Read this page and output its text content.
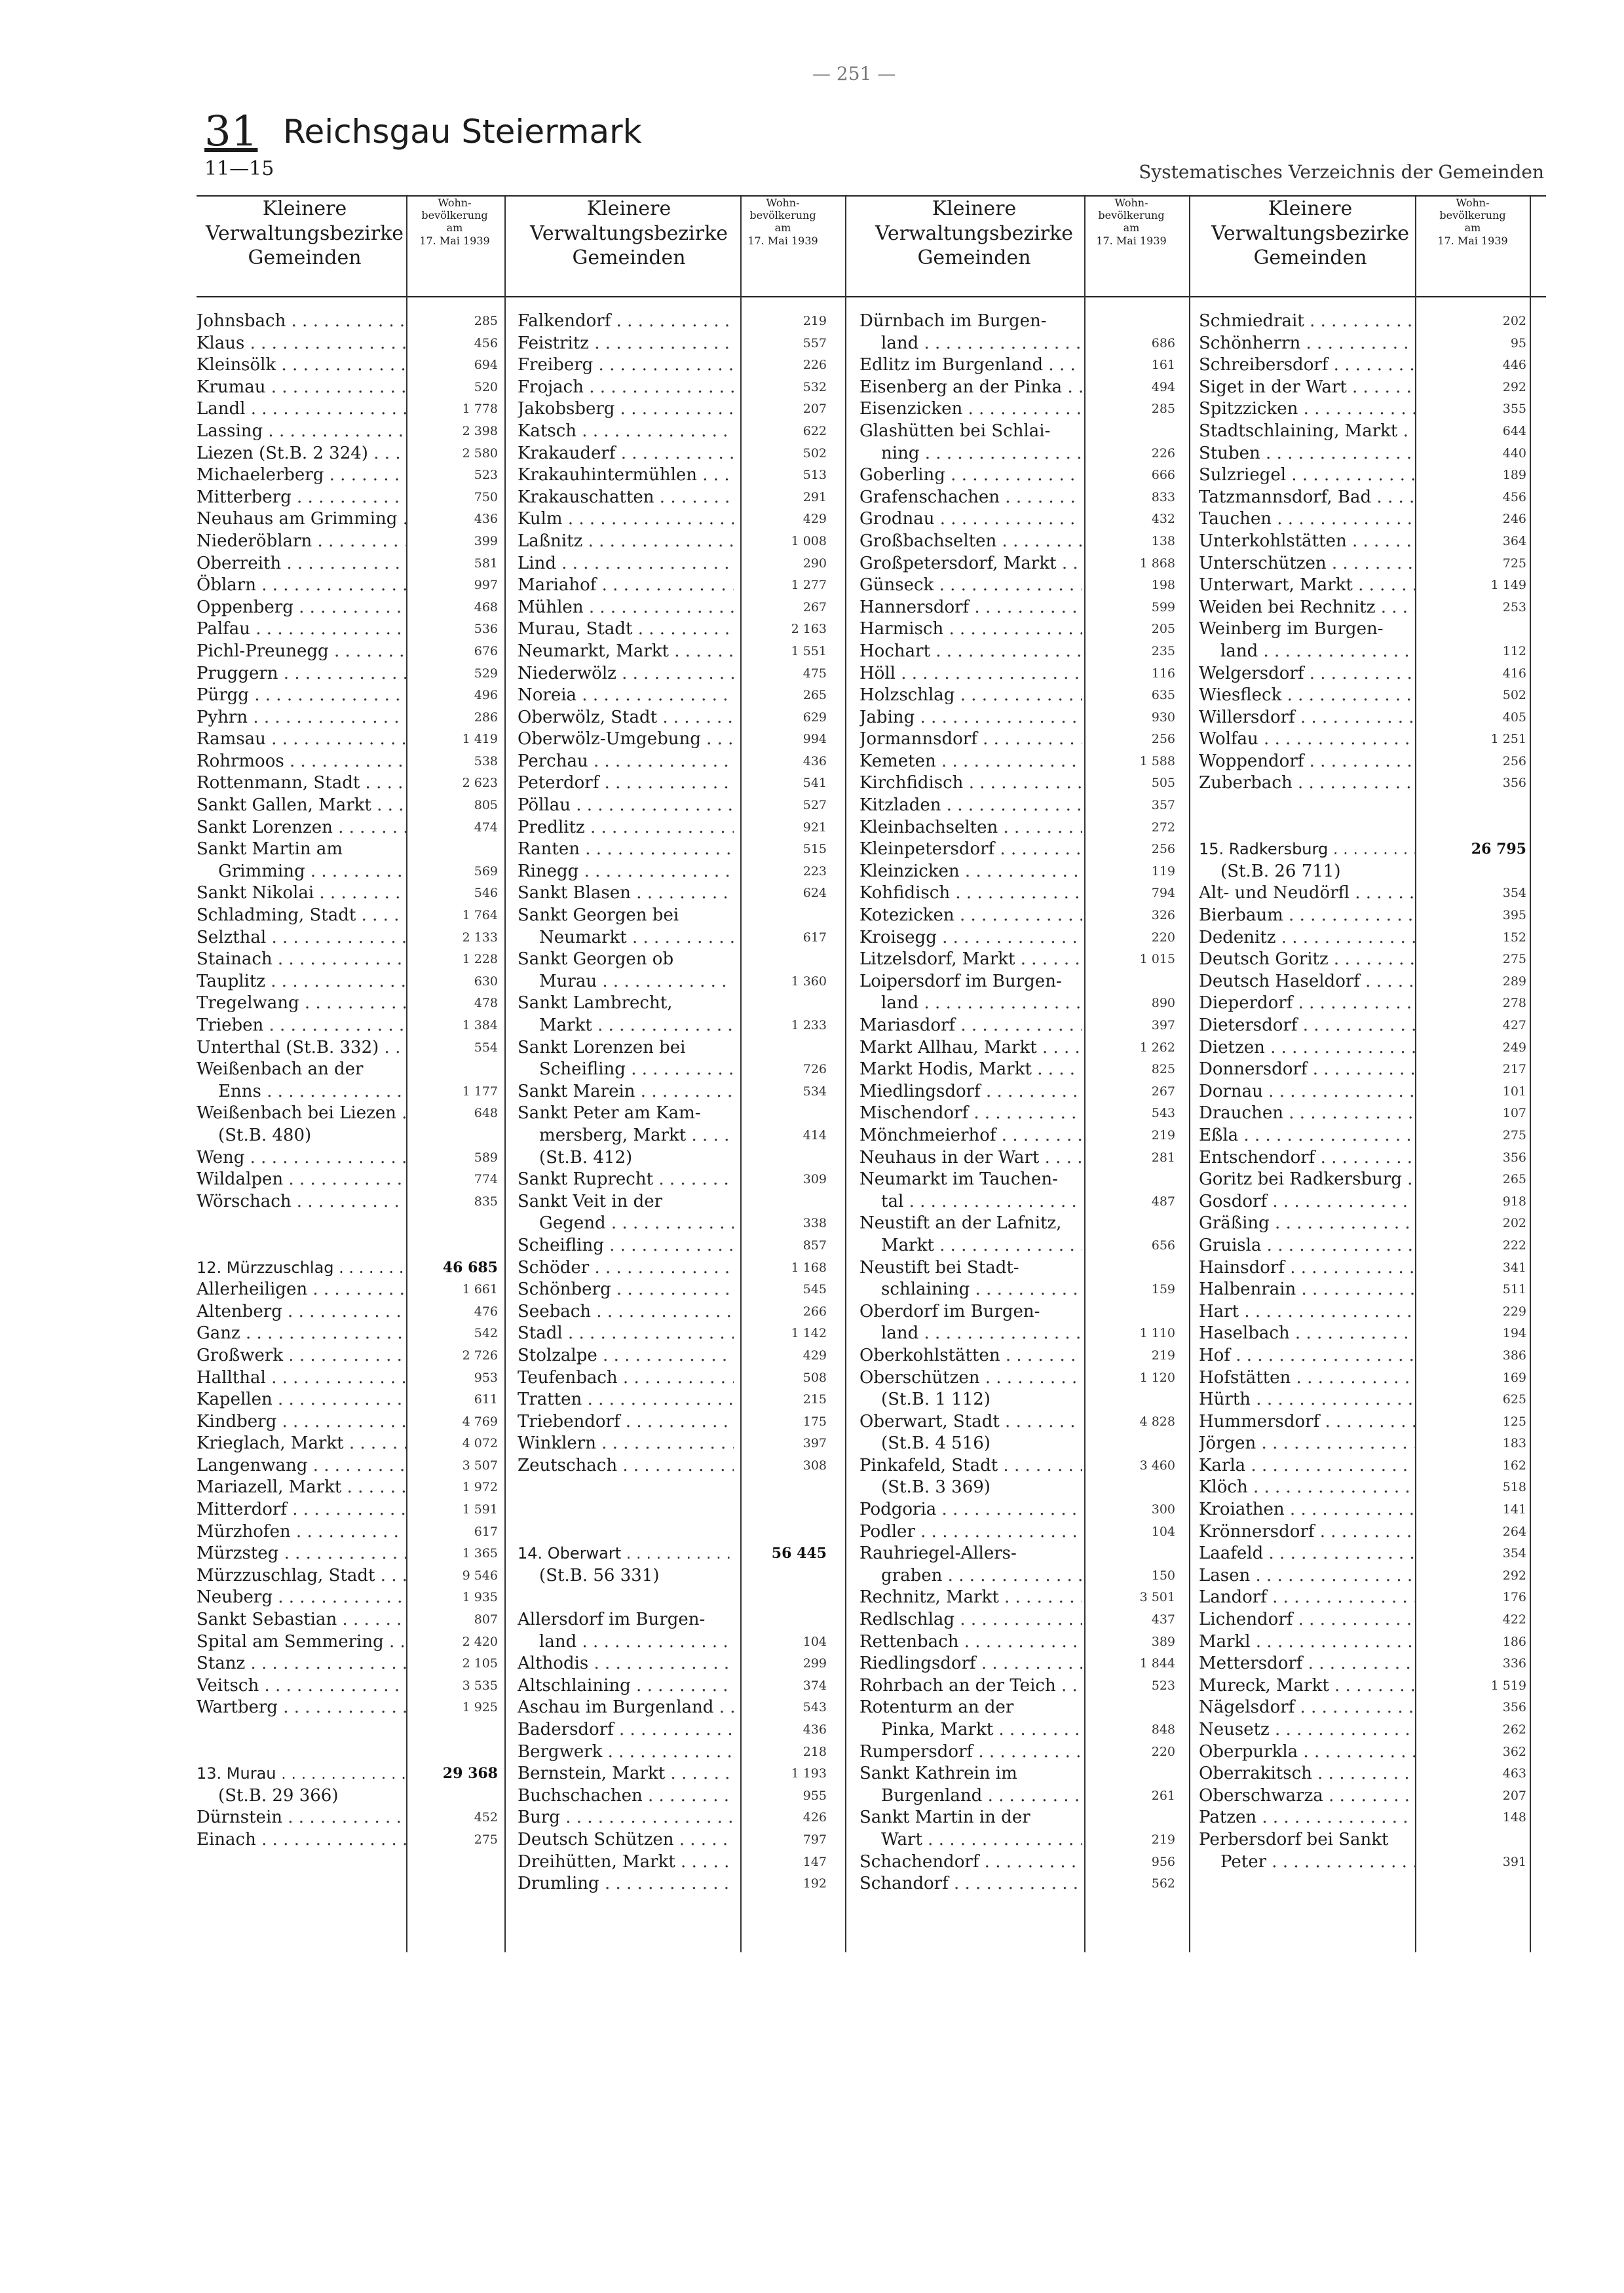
— 251 —
31 Reichsgau Steiermark
11—15	Systematisches Verzeichnis der Gemeinden
Kleinere
Verwaltungsbezirke
Gemeinden
Wohn-
bevölkerung
am
17. Mai 1939
Kleinere
Verwaltungsbezirke
Gemeinden
Wohn-
bevölkerung
am
17. Mai 1939
Kleinere
Verwaltungsbezirke
Gemeinden
Wohn-
bevölkerung
am
17. Mai 1939
Kleinere
Verwaltungsbezirke
Gemeinden
Wohn-
bevölkerung
am
17. Mai 1939
Johnsbach . . .	285
Klaus . . .	456
Kleinsölk . . .	694
Krumau . . .	520
Landl . . .	1 778
Lassing . . .	2 398
Liezen (St.B. 2 324) . . .	2 580
Michaelerberg . . .	523
Mitterberg . . .	750
Neuhaus am Grimming . . .	436
Niederöblarn . . .	399
Oberreith . . .	581
Öblarn . . .	997
Oppenberg . . .	468
Palfau . . .	536
Pichl-Preunegg . . .	676
Pruggern . . .	529
Pürgg . . .	496
Pyhrn . . .	286
Ramsau . . .	1 419
Rohrmoos . . .	538
Rottenmann, Stadt . . .	2 623
Sankt Gallen, Markt . . .	805
Sankt Lorenzen . . .	474
Sankt Martin am
Grimming . . .	569
Sankt Nikolai . . .	546
Schladming, Stadt . . .	1 764
Selzthal . . .	2 133
Stainach . . .	1 228
Tauplitz . . .	630
Tregelwang . . .	478
Trieben . . .	1 384
Unterthal (St.B. 332) . . .	554
Weißenbach an der
Enns . . .	1 177
Weißenbach bei Liezen . . .	648
(St.B. 480)
Weng . . .	589
Wildalpen . . .	774
Wörschach . . .	835
12. Mürzzuschlag . . .	46 685
Allerheiligen . . .	1 661
Altenberg . . .	476
Ganz . . .	542
Großwerk . . .	2 726
Hallthal . . .	953
Kapellen . . .	611
Kindberg . . .	4 769
Krieglach, Markt . . .	4 072
Langenwang . . .	3 507
Mariazell, Markt . . .	1 972
Mitterdorf . . .	1 591
Mürzhofen . . .	617
Mürzsteg . . .	1 365
Mürzzuschlag, Stadt . . .	9 546
Neuberg . . .	1 935
Sankt Sebastian . . .	807
Spital am Semmering . . .	2 420
Stanz . . .	2 105
Veitsch . . .	3 535
Wartberg . . .	1 925
13. Murau . . .	29 368
(St.B. 29 366)
Dürnstein . . .	452
Einach . . .	275
Falkendorf . . .	219
Feistritz . . .	557
Freiberg . . .	226
Frojach . . .	532
Jakobsberg . . .	207
Katsch . . .	622
Krakauderf . . .	502
Krakauhintermühlen . . .	513
Krakauschatten . . .	291
Kulm . . .	429
Laßnitz . . .	1 008
Lind . . .	290
Mariahof . . .	1 277
Mühlen . . .	267
Murau, Stadt . . .	2 163
Neumarkt, Markt . . .	1 551
Niederwölz . . .	475
Noreia . . .	265
Oberwölz, Stadt . . .	629
Oberwölz-Umgebung . . .	994
Perchau . . .	436
Peterdorf . . .	541
Pöllau . . .	527
Predlitz . . .	921
Ranten . . .	515
Rinegg . . .	223
Sankt Blasen . . .	624
Sankt Georgen bei
Neumarkt . . .	617
Sankt Georgen ob
Murau . . .	1 360
Sankt Lambrecht,
Markt . . .	1 233
Sankt Lorenzen bei
Scheifling . . .	726
Sankt Marein . . .	534
Sankt Peter am Kam-
mersberg, Markt . . .	414
(St.B. 412)
Sankt Ruprecht . . .	309
Sankt Veit in der
Gegend . . .	338
Scheifling . . .	857
Schöder . . .	1 168
Schönberg . . .	545
Seebach . . .	266
Stadl . . .	1 142
Stolzalpe . . .	429
Teufenbach . . .	508
Tratten . . .	215
Triebendorf . . .	175
Winklern . . .	397
Zeutschach . . .	308
14. Oberwart . . .	56 445
(St.B. 56 331)
Allersdorf im Burgen-
land . . .	104
Althodis . . .	299
Altschlaining . . .	374
Aschau im Burgenland . . .	543
Badersdorf . . .	436
Bergwerk . . .	218
Bernstein, Markt . . .	1 193
Buchschachen . . .	955
Burg . . .	426
Deutsch Schützen . . .	797
Dreihütten, Markt . . .	147
Drumling . . .	192
Dürnbach im Burgen-
land . . .	686
Edlitz im Burgenland . . .	161
Eisenberg an der Pinka . . .	494
Eisenzicken . . .	285
Glashütten bei Schlai-
ning . . .	226
Goberling . . .	666
Grafenschachen . . .	833
Grodnau . . .	432
Großbachselten . . .	138
Großpetersdorf, Markt . . .	1 868
Günseck . . .	198
Hannersdorf . . .	599
Harmisch . . .	205
Hochart . . .	235
Höll . . .	116
Holzschlag . . .	635
Jabing . . .	930
Jormannsdorf . . .	256
Kemeten . . .	1 588
Kirchfidisch . . .	505
Kitzladen . . .	357
Kleinbachselten . . .	272
Kleinpetersdorf . . .	256
Kleinzicken . . .	119
Kohfidisch . . .	794
Kotezicken . . .	326
Kroisegg . . .	220
Litzelsdorf, Markt . . .	1 015
Loipersdorf im Burgen-
land . . .	890
Mariasdorf . . .	397
Markt Allhau, Markt . . .	1 262
Markt Hodis, Markt . . .	825
Miedlingsdorf . . .	267
Mischendorf . . .	543
Mönchmeierhof . . .	219
Neuhaus in der Wart . . .	281
Neumarkt im Tauchen-
tal . . .	487
Neustift an der Lafnitz,
Markt . . .	656
Neustift bei Stadt-
schlaining . . .	159
Oberdorf im Burgen-
land . . .	1 110
Oberkohlstätten . . .	219
Oberschützen . . .	1 120
(St.B. 1 112)
Oberwart, Stadt . . .	4 828
(St.B. 4 516)
Pinkafeld, Stadt . . .	3 460
(St.B. 3 369)
Podgoria . . .	300
Podler . . .	104
Rauhriegel-Allers-
graben . . .	150
Rechnitz, Markt . . .	3 501
Redlschlag . . .	437
Rettenbach . . .	389
Riedlingsdorf . . .	1 844
Rohrbach an der Teich . . .	523
Rotenturm an der
Pinka, Markt . . .	848
Rumpersdorf . . .	220
Sankt Kathrein im
Burgenland . . .	261
Sankt Martin in der
Wart . . .	219
Schachendorf . . .	956
Schandorf . . .	562
Schmiedrait . . .	202
Schönherrn . . .	95
Schreibersdorf . . .	446
Siget in der Wart . . .	292
Spitzzicken . . .	355
Stadtschlaining, Markt . . .	644
Stuben . . .	440
Sulzriegel . . .	189
Tatzmannsdorf, Bad . . .	456
Tauchen . . .	246
Unterkohlstätten . . .	364
Unterschützen . . .	725
Unterwart, Markt . . .	1 149
Weiden bei Rechnitz . . .	253
Weinberg im Burgen-
land . . .	112
Welgersdorf . . .	416
Wiesfleck . . .	502
Willersdorf . . .	405
Wolfau . . .	1 251
Woppendorf . . .	256
Zuberbach . . .	356
15. Radkersburg . . .	26 795
(St.B. 26 711)
Alt- und Neudörfl . . .	354
Bierbaum . . .	395
Dedenitz . . .	152
Deutsch Goritz . . .	275
Deutsch Haseldorf . . .	289
Dieperdorf . . .	278
Dietersdorf . . .	427
Dietzen . . .	249
Donnersdorf . . .	217
Dornau . . .	101
Drauchen . . .	107
Eßla . . .	275
Entschendorf . . .	356
Goritz bei Radkersburg . . .	265
Gosdorf . . .	918
Gräßing . . .	202
Gruisla . . .	222
Hainsdorf . . .	341
Halbenrain . . .	511
Hart . . .	229
Haselbach . . .	194
Hof . . .	386
Hofstätten . . .	169
Hürth . . .	625
Hummersdorf . . .	125
Jörgen . . .	183
Karla . . .	162
Klöch . . .	518
Kroiathen . . .	141
Krönnersdorf . . .	264
Laafeld . . .	354
Lasen . . .	292
Landorf . . .	176
Lichendorf . . .	422
Markl . . .	186
Mettersdorf . . .	336
Mureck, Markt . . .	1 519
Nägelsdorf . . .	356
Neusetz . . .	262
Oberpurkla . . .	362
Oberrakitsch . . .	463
Oberschwarza . . .	207
Patzen . . .	148
Perbersdorf bei Sankt
Peter . . .	391
